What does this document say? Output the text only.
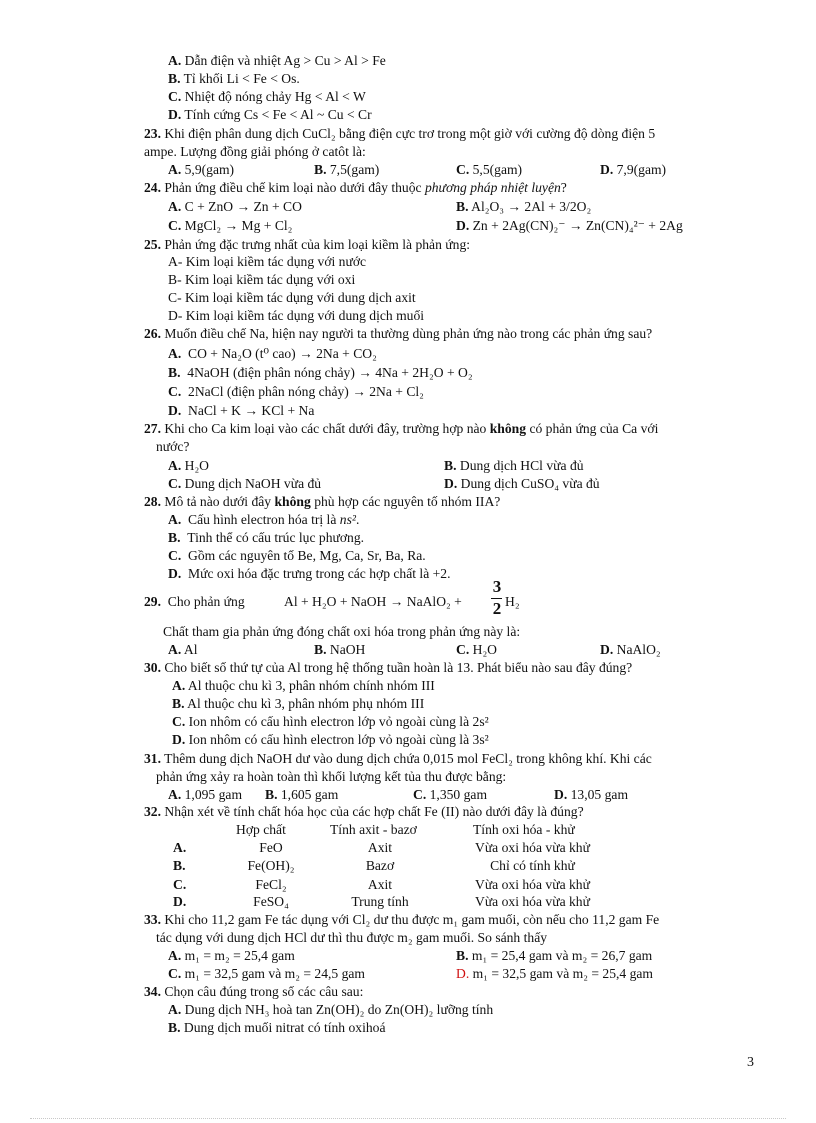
A. Dẫn điện và nhiệt Ag > Cu > Al > Fe
B. Tỉ khối Li < Fe < Os.
C. Nhiệt độ nóng chảy Hg < Al < W
D. Tính cứng Cs < Fe < Al ~ Cu < Cr
23. Khi điện phân dung dịch CuCl₂ bằng điện cực trơ trong một giờ với cường độ dòng điện 5
ampe. Lượng đồng giải phóng ở catôt là:
A. 5,9(gam)	B. 7,5(gam)	C. 5,5(gam)	D. 7,9(gam)
24. Phản ứng điều chế kim loại nào dưới đây thuộc phương pháp nhiệt luyện?
A. C + ZnO → Zn + CO	B. Al₂O₃ → 2Al + 3/2O₂
C. MgCl₂ → Mg + Cl₂	D. Zn + 2Ag(CN)₂⁻ → Zn(CN)₄²⁻ + 2Ag
25. Phản ứng đặc trưng nhất của kim loại kiềm là phản ứng:
A- Kim loại kiềm tác dụng với nước
B- Kim loại kiềm tác dụng với oxi
C- Kim loại kiềm tác dụng với dung dịch axit
D- Kim loại kiềm tác dụng với dung dịch muối
26. Muốn điều chế Na, hiện nay người ta thường dùng phản ứng nào trong các phản ứng sau?
A. CO + Na₂O (t⁰ cao) → 2Na + CO₂
B. 4NaOH (điện phân nóng chảy) → 4Na + 2H₂O + O₂
C. 2NaCl (điện phân nóng chảy) → 2Na + Cl₂
D. NaCl + K → KCl + Na
27. Khi cho Ca kim loại vào các chất dưới đây, trường hợp nào không có phản ứng của Ca với
nước?
A. H₂O	B. Dung dịch HCl vừa đủ
C. Dung dịch NaOH vừa đủ	D. Dung dịch CuSO₄ vừa đủ
28. Mô tả nào dưới đây không phù hợp các nguyên tố nhóm IIA?
A. Cấu hình electron hóa trị là ns².
B. Tinh thể có cấu trúc lục phương.
C. Gồm các nguyên tố Be, Mg, Ca, Sr, Ba, Ra.
D. Mức oxi hóa đặc trưng trong các hợp chất là +2.
29. Cho phản ứng	Al + H₂O + NaOH → NaAlO₂ +
3
2 H₂
Chất tham gia phản ứng đóng chất oxi hóa trong phản ứng này là:
A. Al	B. NaOH	C. H₂O	D. NaAlO₂
30. Cho biết số thứ tự của Al trong hệ thống tuần hoàn là 13. Phát biểu nào sau đây đúng?
A. Al thuộc chu kì 3, phân nhóm chính nhóm III
B. Al thuộc chu kì 3, phân nhóm phụ nhóm III
C. Ion nhôm có cấu hình electron lớp vỏ ngoài cùng là 2s²
D. Ion nhôm có cấu hình electron lớp vỏ ngoài cùng là 3s²
31. Thêm dung dịch NaOH dư vào dung dịch chứa 0,015 mol FeCl₂ trong không khí. Khi các
phản ứng xảy ra hoàn toàn thì khối lượng kết tủa thu được bằng:
A. 1,095 gam B. 1,605 gam	C. 1,350 gam	D. 13,05 gam
32. Nhận xét về tính chất hóa học của các hợp chất Fe (II) nào dưới đây là đúng?
Hợp chất	Tính axit - bazơ	Tính oxi hóa - khử
A.	FeO	Axit	Vừa oxi hóa vừa khử
B.	Fe(OH)₂	Bazơ	Chỉ có tính khử
C.	FeCl₂	Axit	Vừa oxi hóa vừa khử
D.	FeSO₄	Trung tính	Vừa oxi hóa vừa khử
33. Khi cho 11,2 gam Fe tác dụng với Cl₂ dư thu được m₁ gam muối, còn nếu cho 11,2 gam Fe
tác dụng với dung dịch HCl dư thì thu được m₂ gam muối. So sánh thấy
A. m₁ = m₂ = 25,4 gam	B. m₁ = 25,4 gam và m₂ = 26,7 gam
C. m₁ = 32,5 gam và m₂ = 24,5 gam	D. m₁ = 32,5 gam và m₂ = 25,4 gam
34. Chọn câu đúng trong số các câu sau:
A. Dung dịch NH₃ hoà tan Zn(OH)₂ do Zn(OH)₂ lưỡng tính
B. Dung dịch muối nitrat có tính oxihoá
3
